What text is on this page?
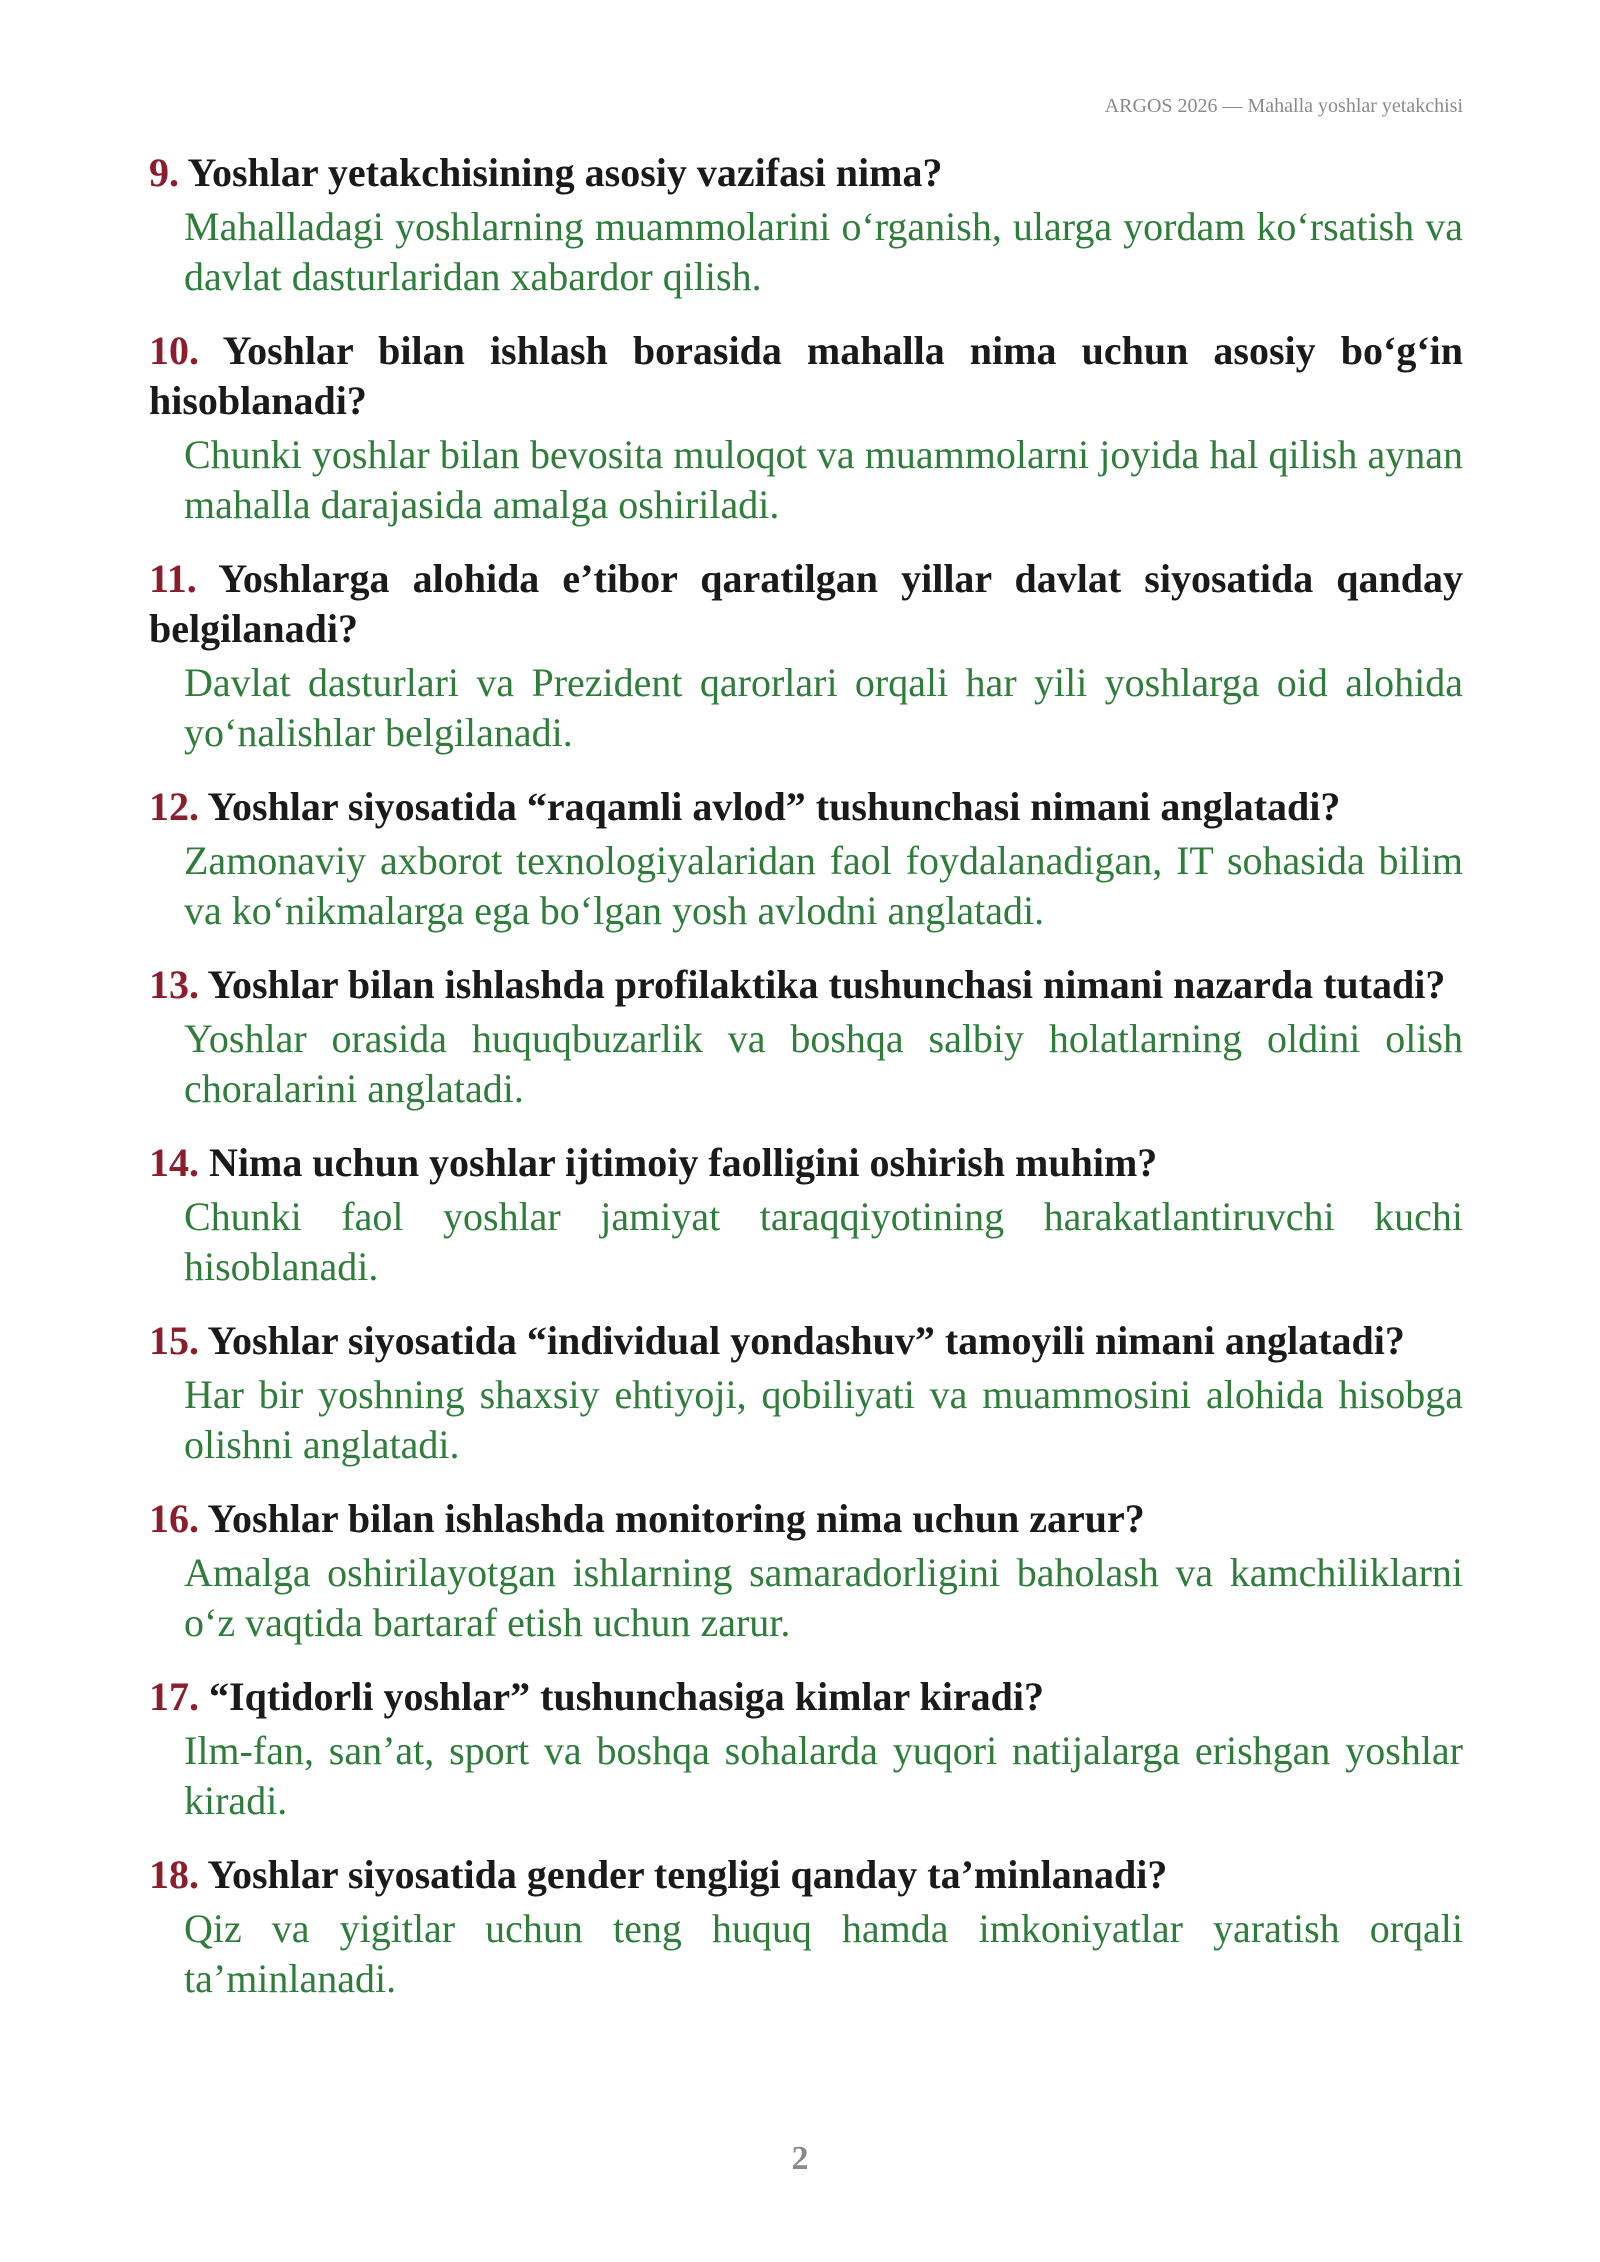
ARGOS 2026 — Mahalla yoshlar yetakchisi
9. Yoshlar yetakchisining asosiy vazifasi nima?
Mahalladagi yoshlarning muammolarini o‘rganish, ularga yordam ko‘rsatish va davlat dasturlaridan xabardor qilish.
10. Yoshlar bilan ishlash borasida mahalla nima uchun asosiy bo‘g‘in hisoblanadi?
Chunki yoshlar bilan bevosita muloqot va muammolarni joyida hal qilish aynan mahalla darajasida amalga oshiriladi.
11. Yoshlarga alohida e’tibor qaratilgan yillar davlat siyosatida qanday belgilanadi?
Davlat dasturlari va Prezident qarorlari orqali har yili yoshlarga oid alohida yo‘nalishlar belgilanadi.
12. Yoshlar siyosatida “raqamli avlod” tushunchasi nimani anglatadi?
Zamonaviy axborot texnologiyalaridan faol foydalanadigan, IT sohasida bilim va ko‘nikmalarga ega bo‘lgan yosh avlodni anglatadi.
13. Yoshlar bilan ishlashda profilaktika tushunchasi nimani nazarda tutadi?
Yoshlar orasida huquqbuzarlik va boshqa salbiy holatlarning oldini olish choralarini anglatadi.
14. Nima uchun yoshlar ijtimoiy faolligini oshirish muhim?
Chunki faol yoshlar jamiyat taraqqiyotining harakatlantiruvchi kuchi hisoblanadi.
15. Yoshlar siyosatida “individual yondashuv” tamoyili nimani anglatadi?
Har bir yoshning shaxsiy ehtiyoji, qobiliyati va muammosini alohida hisobga olishni anglatadi.
16. Yoshlar bilan ishlashda monitoring nima uchun zarur?
Amalga oshirilayotgan ishlarning samaradorligini baholash va kamchiliklarni o‘z vaqtida bartaraf etish uchun zarur.
17. “Iqtidorli yoshlar” tushunchasiga kimlar kiradi?
Ilm-fan, san’at, sport va boshqa sohalarda yuqori natijalarga erishgan yoshlar kiradi.
18. Yoshlar siyosatida gender tengligi qanday ta’minlanadi?
Qiz va yigitlar uchun teng huquq hamda imkoniyatlar yaratish orqali ta’minlanadi.
2
